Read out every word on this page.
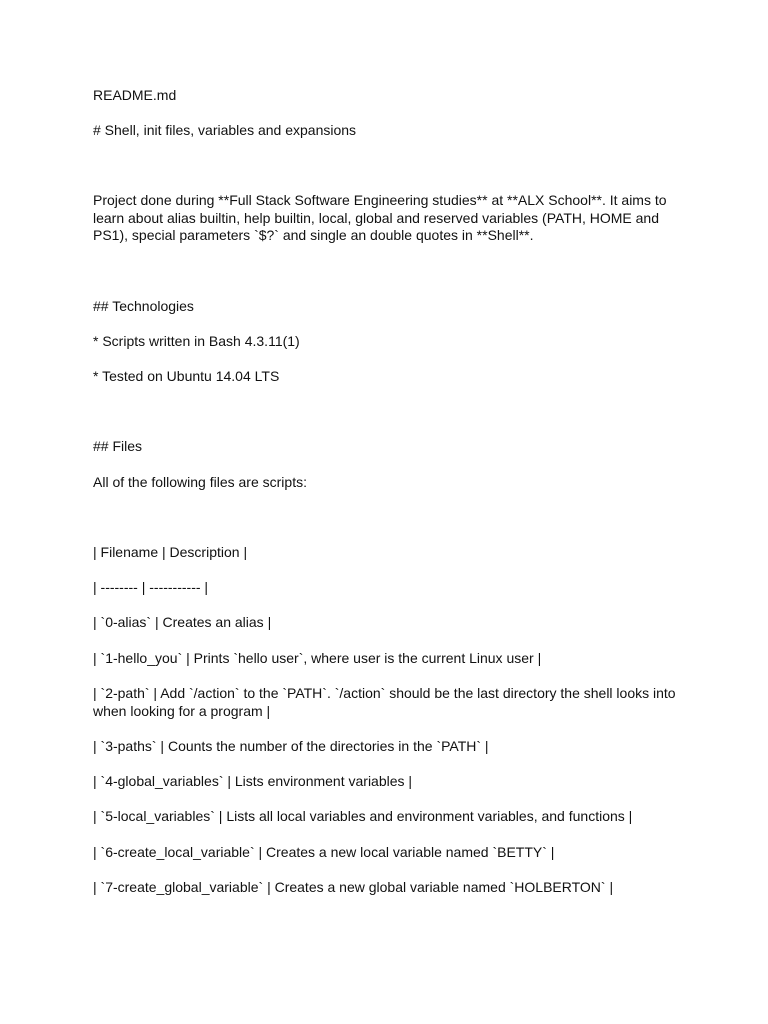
README.md

# Shell, init files, variables and expansions

Project done during **Full Stack Software Engineering studies** at **ALX School**. It aims to learn about alias builtin, help builtin, local, global and reserved variables (PATH, HOME and PS1), special parameters `$?` and single an double quotes in **Shell**.

## Technologies

* Scripts written in Bash 4.3.11(1)

* Tested on Ubuntu 14.04 LTS

## Files

All of the following files are scripts:

| Filename | Description |

| -------- | ----------- |

| `0-alias` | Creates an alias |

| `1-hello_you` | Prints `hello user`, where user is the current Linux user |

| `2-path` | Add `/action` to the `PATH`. `/action` should be the last directory the shell looks into when looking for a program |

| `3-paths` | Counts the number of the directories in the `PATH` |

| `4-global_variables` | Lists environment variables |

| `5-local_variables` | Lists all local variables and environment variables, and functions |

| `6-create_local_variable` | Creates a new local variable named `BETTY` |

| `7-create_global_variable` | Creates a new global variable named `HOLBERTON` |
